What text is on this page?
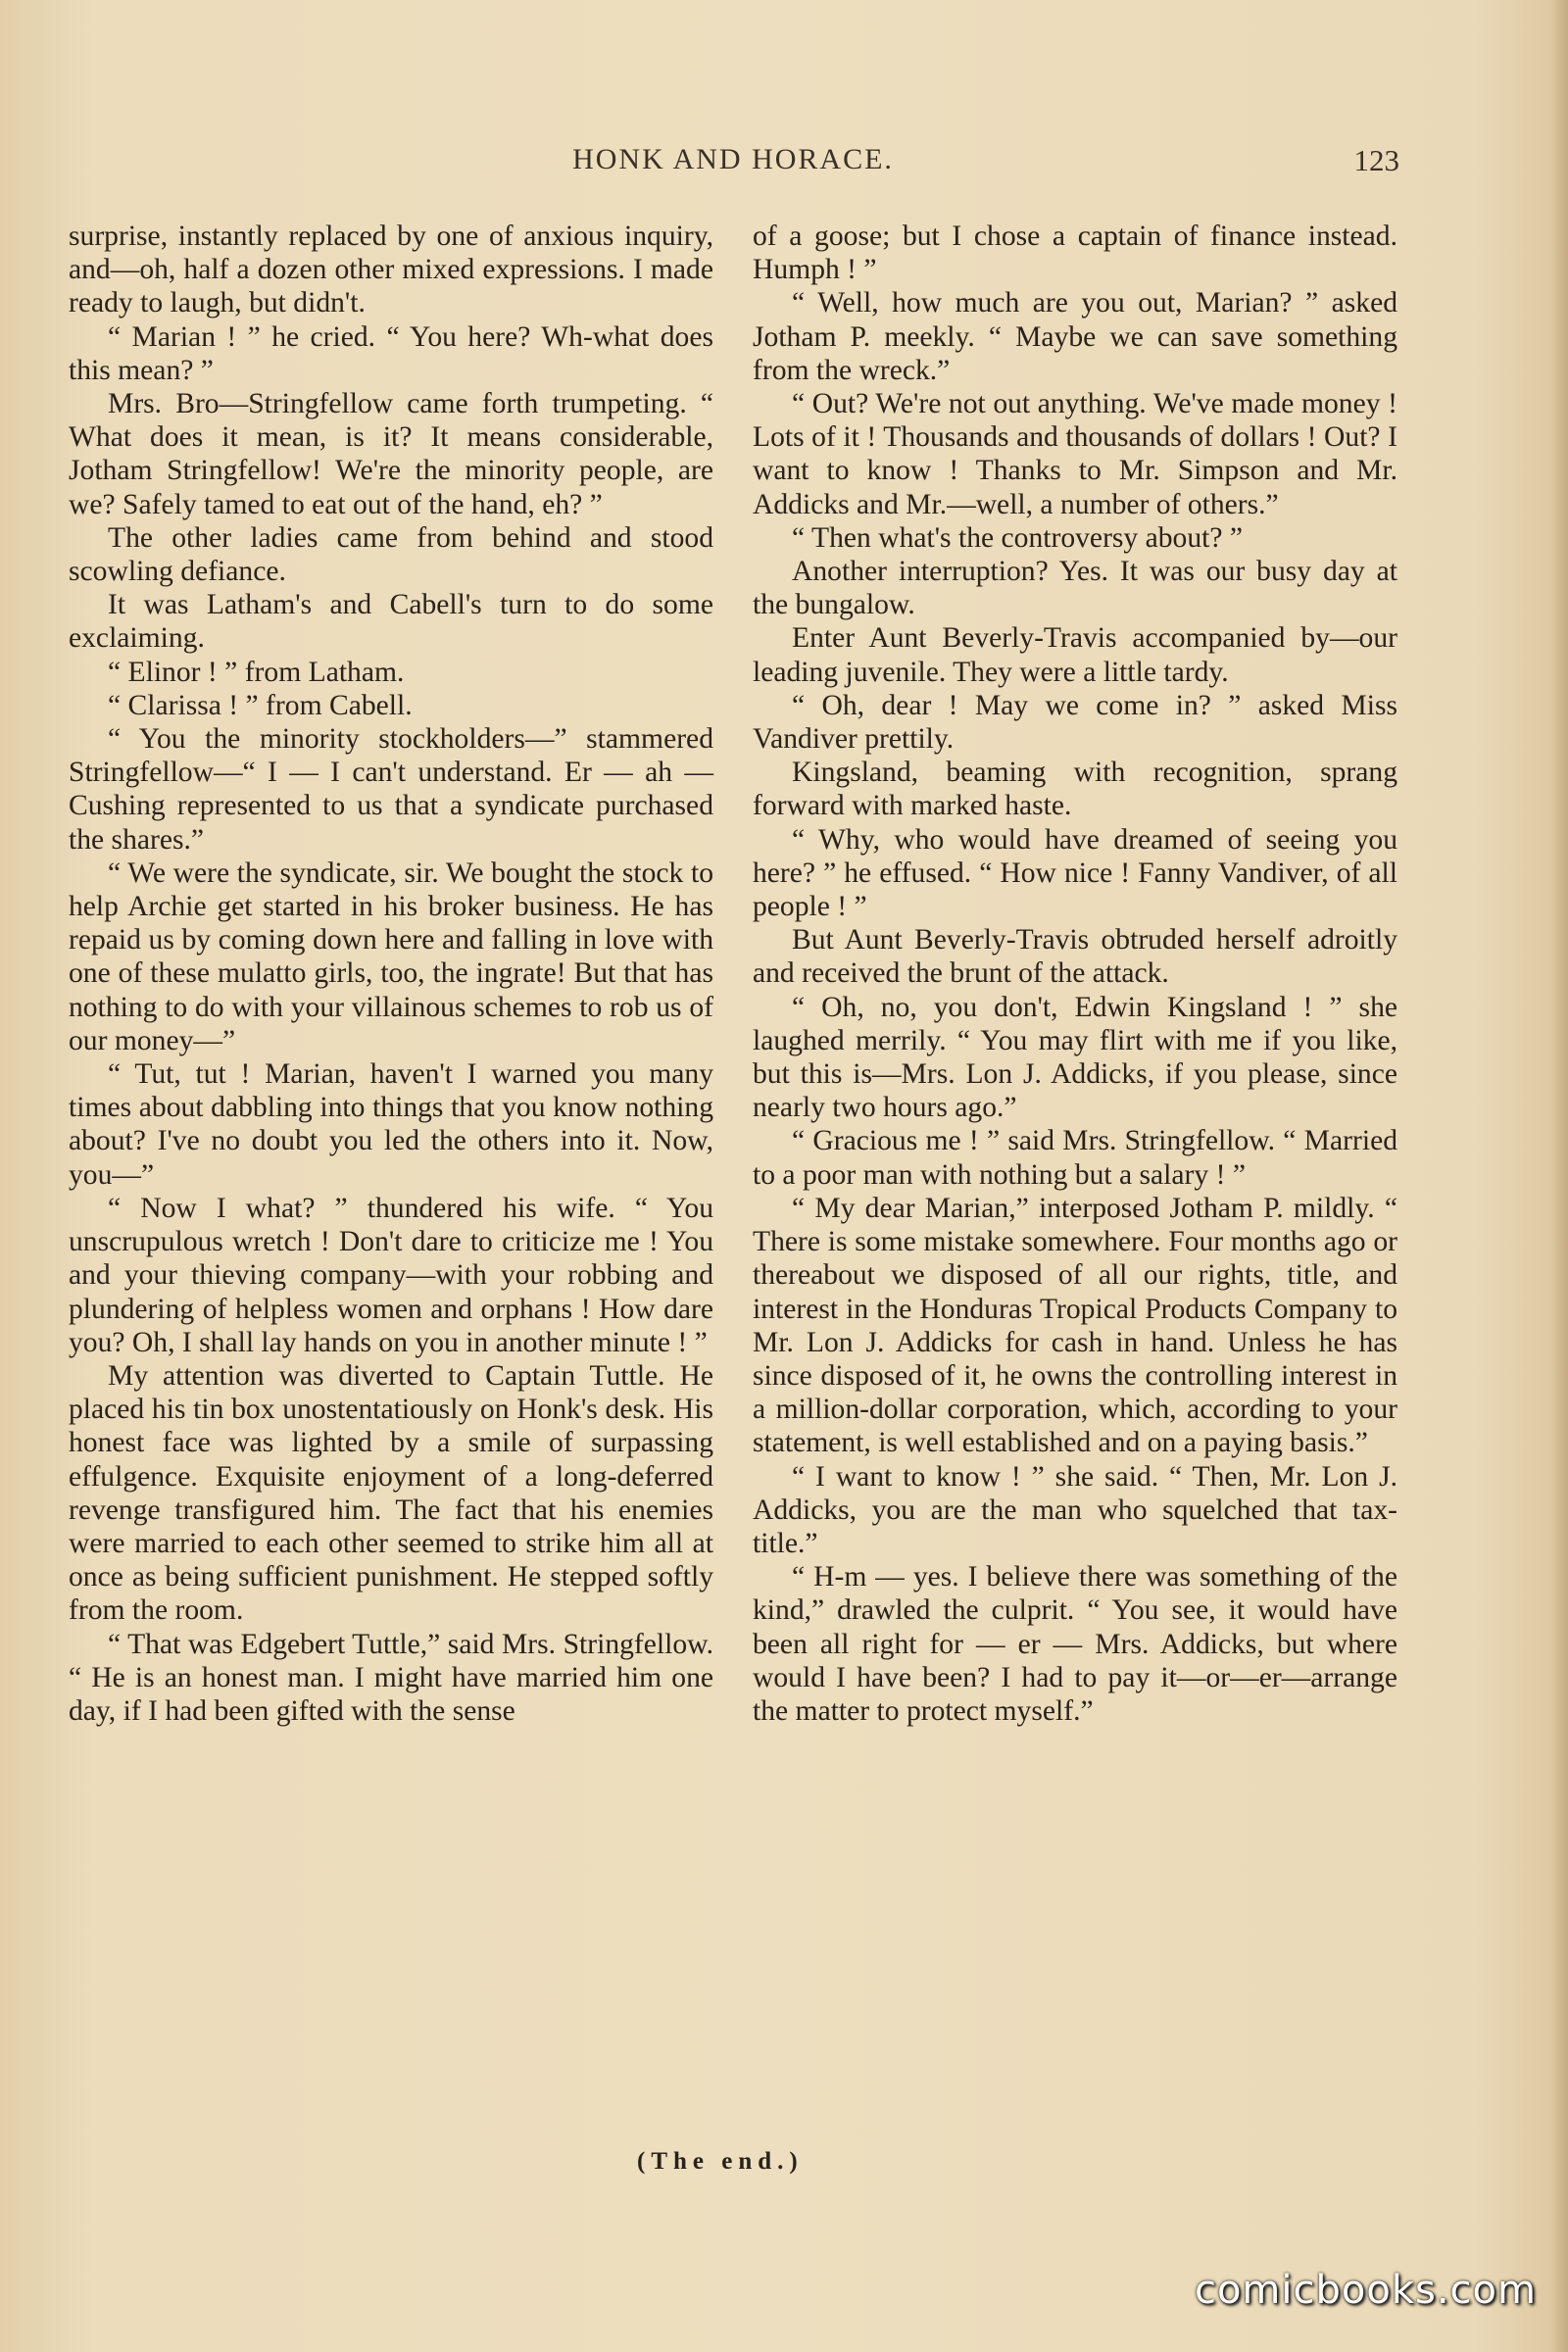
HONK AND HORACE.	123

surprise, instantly replaced by one of anxious inquiry, and—oh, half a dozen other mixed expressions. I made ready to laugh, but didn't.

“ Marian ! ” he cried. “ You here? Wh-what does this mean? ”

Mrs. Bro—Stringfellow came forth trumpeting. “ What does it mean, is it? It means considerable, Jotham Stringfellow! We're the minority people, are we? Safely tamed to eat out of the hand, eh? ”

The other ladies came from behind and stood scowling defiance.

It was Latham's and Cabell's turn to do some exclaiming.

“ Elinor ! ” from Latham.

“ Clarissa ! ” from Cabell.

“ You the minority stockholders—” stammered Stringfellow—“ I — I can't understand. Er — ah — Cushing represented to us that a syndicate purchased the shares.”

“ We were the syndicate, sir. We bought the stock to help Archie get started in his broker business. He has repaid us by coming down here and falling in love with one of these mulatto girls, too, the ingrate! But that has nothing to do with your villainous schemes to rob us of our money—”

“ Tut, tut ! Marian, haven't I warned you many times about dabbling into things that you know nothing about? I've no doubt you led the others into it. Now, you—”

“ Now I what? ” thundered his wife. “ You unscrupulous wretch ! Don't dare to criticize me ! You and your thieving company—with your robbing and plundering of helpless women and orphans ! How dare you? Oh, I shall lay hands on you in another minute ! ”

My attention was diverted to Captain Tuttle. He placed his tin box unostentatiously on Honk's desk. His honest face was lighted by a smile of surpassing effulgence. Exquisite enjoyment of a long-deferred revenge transfigured him. The fact that his enemies were married to each other seemed to strike him all at once as being sufficient punishment. He stepped softly from the room.

“ That was Edgebert Tuttle,” said Mrs. Stringfellow. “ He is an honest man. I might have married him one day, if I had been gifted with the sense

of a goose; but I chose a captain of finance instead. Humph ! ”

“ Well, how much are you out, Marian? ” asked Jotham P. meekly. “ Maybe we can save something from the wreck.”

“ Out? We're not out anything. We've made money ! Lots of it ! Thousands and thousands of dollars ! Out? I want to know ! Thanks to Mr. Simpson and Mr. Addicks and Mr.—well, a number of others.”

“ Then what's the controversy about? ”

Another interruption? Yes. It was our busy day at the bungalow.

Enter Aunt Beverly-Travis accompanied by—our leading juvenile. They were a little tardy.

“ Oh, dear ! May we come in? ” asked Miss Vandiver prettily.

Kingsland, beaming with recognition, sprang forward with marked haste.

“ Why, who would have dreamed of seeing you here? ” he effused. “ How nice ! Fanny Vandiver, of all people ! ”

But Aunt Beverly-Travis obtruded herself adroitly and received the brunt of the attack.

“ Oh, no, you don't, Edwin Kingsland ! ” she laughed merrily. “ You may flirt with me if you like, but this is—Mrs. Lon J. Addicks, if you please, since nearly two hours ago.”

“ Gracious me ! ” said Mrs. Stringfellow. “ Married to a poor man with nothing but a salary ! ”

“ My dear Marian,” interposed Jotham P. mildly. “ There is some mistake somewhere. Four months ago or thereabout we disposed of all our rights, title, and interest in the Honduras Tropical Products Company to Mr. Lon J. Addicks for cash in hand. Unless he has since disposed of it, he owns the controlling interest in a million-dollar corporation, which, according to your statement, is well established and on a paying basis.”

“ I want to know ! ” she said. “ Then, Mr. Lon J. Addicks, you are the man who squelched that tax-title.”

“ H-m — yes. I believe there was something of the kind,” drawled the culprit. “ You see, it would have been all right for — er — Mrs. Addicks, but where would I have been? I had to pay it—or—er—arrange the matter to protect myself.”

(The end.)
comicbooks.com
